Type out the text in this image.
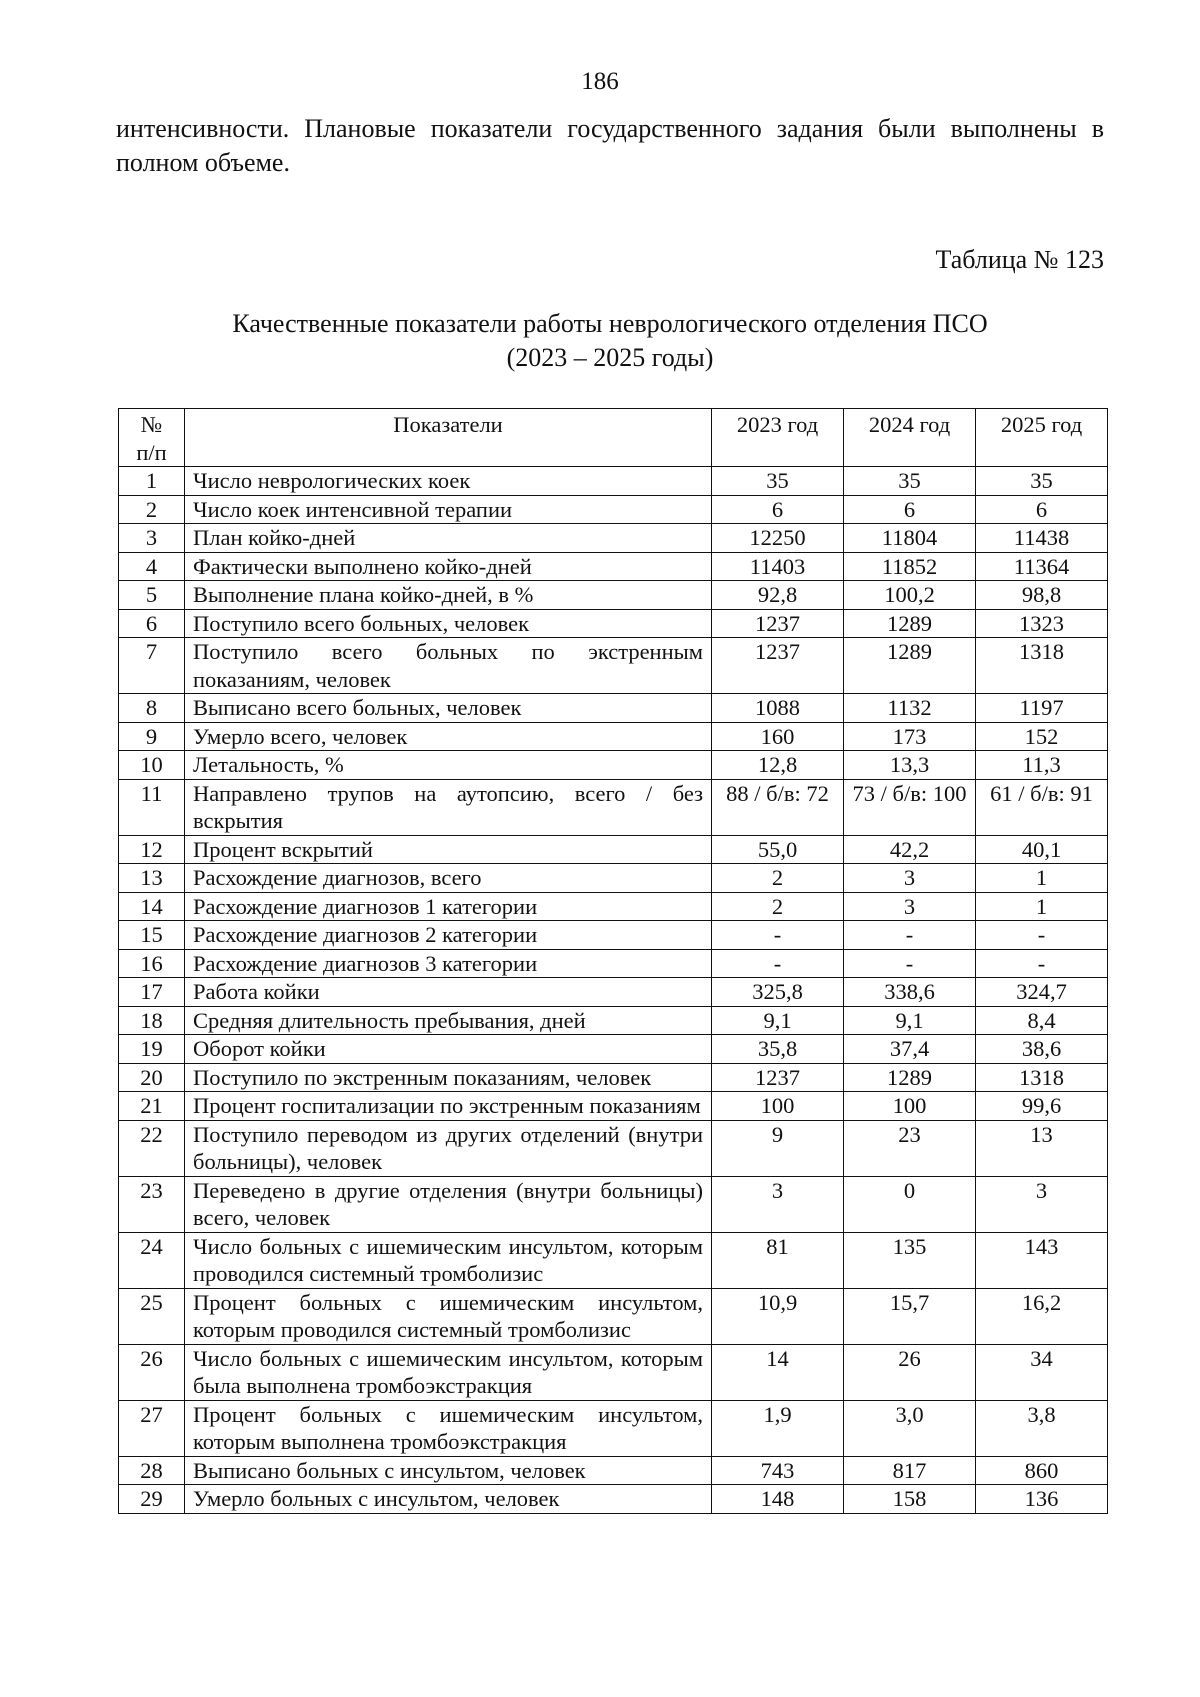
186

интенсивности. Плановые показатели государственного задания были выполнены в полном объеме.

Таблица № 123
Качественные показатели работы неврологического отделения ПСО
(2023 – 2025 годы)
№
п/п	Показатели	2023 год	2024 год	2025 год
1	Число неврологических коек	35	35	35
2	Число коек интенсивной терапии	6	6	6
3	План койко-дней	12250	11804	11438
4	Фактически выполнено койко-дней	11403	11852	11364
5	Выполнение плана койко-дней, в %	92,8	100,2	98,8
6	Поступило всего больных, человек	1237	1289	1323
7	Поступило всего больных по экстренным показаниям, человек	1237	1289	1318
8	Выписано всего больных, человек	1088	1132	1197
9	Умерло всего, человек	160	173	152
10	Летальность, %	12,8	13,3	11,3
11	Направлено трупов на аутопсию, всего / без вскрытия	88 / б/в: 72	73 / б/в: 100	61 / б/в: 91
12	Процент вскрытий	55,0	42,2	40,1
13	Расхождение диагнозов, всего	2	3	1
14	Расхождение диагнозов 1 категории	2	3	1
15	Расхождение диагнозов 2 категории	-	-	-
16	Расхождение диагнозов 3 категории	-	-	-
17	Работа койки	325,8	338,6	324,7
18	Средняя длительность пребывания, дней	9,1	9,1	8,4
19	Оборот койки	35,8	37,4	38,6
20	Поступило по экстренным показаниям, человек	1237	1289	1318
21	Процент госпитализации по экстренным показаниям	100	100	99,6
22	Поступило переводом из других отделений (внутри больницы), человек	9	23	13
23	Переведено в другие отделения (внутри больницы) всего, человек	3	0	3
24	Число больных с ишемическим инсультом, которым проводился системный тромболизис	81	135	143
25	Процент больных с ишемическим инсультом, которым проводился системный тромболизис	10,9	15,7	16,2
26	Число больных с ишемическим инсультом, которым была выполнена тромбоэкстракция	14	26	34
27	Процент больных с ишемическим инсультом, которым выполнена тромбоэкстракция	1,9	3,0	3,8
28	Выписано больных с инсультом, человек	743	817	860
29	Умерло больных с инсультом, человек	148	158	136
